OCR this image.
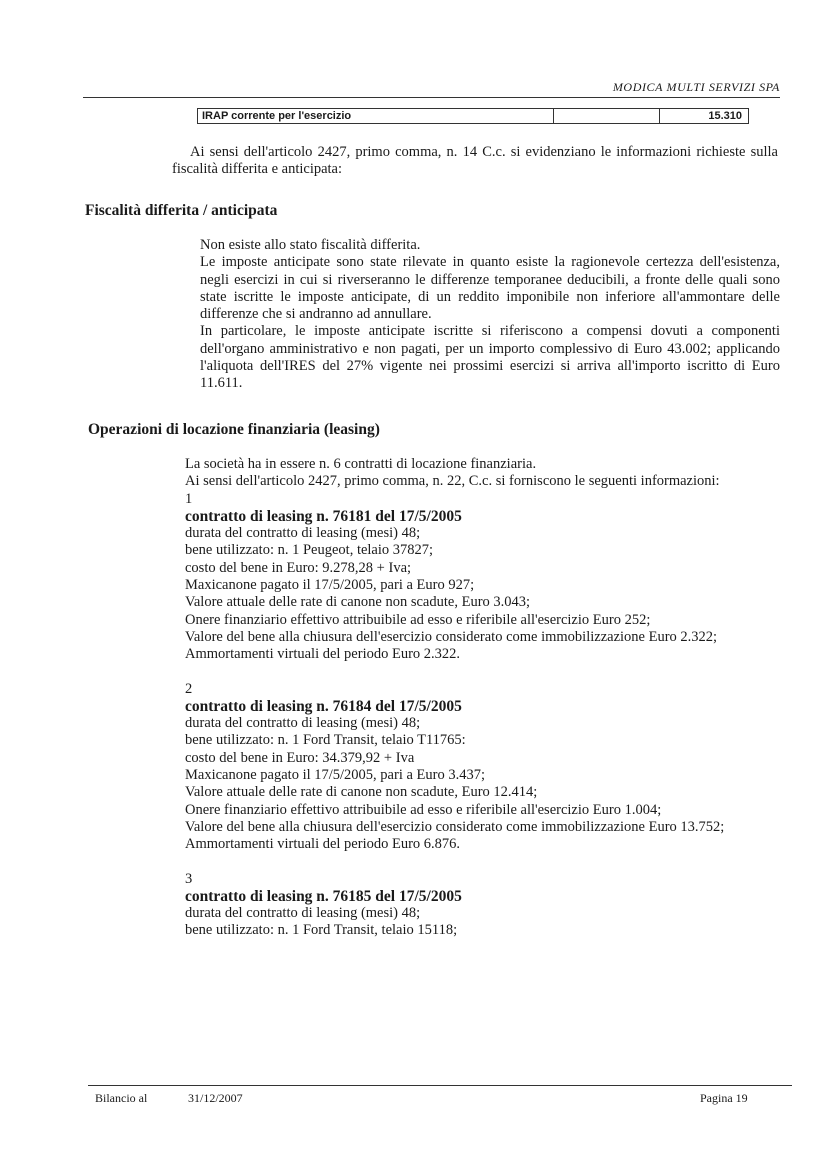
MODICA MULTI SERVIZI SPA
IRAP corrente per l'esercizio	15.310

Ai sensi dell'articolo 2427, primo comma, n. 14 C.c. si evidenziano le informazioni richieste sulla fiscalità differita e anticipata:

Fiscalità differita / anticipata

Non esiste allo stato fiscalità differita.

Le imposte anticipate sono state rilevate in quanto esiste la ragionevole certezza dell'esistenza, negli esercizi in cui si riverseranno le differenze temporanee deducibili, a fronte delle quali sono state iscritte le imposte anticipate, di un reddito imponibile non inferiore all'ammontare delle differenze che si andranno ad annullare.

In particolare, le imposte anticipate iscritte si riferiscono a compensi dovuti a componenti dell'organo amministrativo e non pagati, per un importo complessivo di Euro 43.002; applicando l'aliquota dell'IRES del 27% vigente nei prossimi esercizi si arriva all'importo iscritto di Euro 11.611.

Operazioni di locazione finanziaria (leasing)
La società ha in essere n. 6 contratti di locazione finanziaria.
Ai sensi dell'articolo 2427, primo comma, n. 22, C.c. si forniscono le seguenti informazioni:
1
contratto di leasing n. 76181 del 17/5/2005
durata del contratto di leasing (mesi) 48;
bene utilizzato: n. 1 Peugeot, telaio 37827;
costo del bene in Euro: 9.278,28 + Iva;
Maxicanone pagato il 17/5/2005, pari a Euro 927;
Valore attuale delle rate di canone non scadute, Euro 3.043;
Onere finanziario effettivo attribuibile ad esso e riferibile all'esercizio Euro 252;
Valore del bene alla chiusura dell'esercizio considerato come immobilizzazione Euro 2.322;
Ammortamenti virtuali del periodo Euro 2.322.
2
contratto di leasing n. 76184 del 17/5/2005
durata del contratto di leasing (mesi) 48;
bene utilizzato: n. 1 Ford Transit, telaio T11765:
costo del bene in Euro: 34.379,92 + Iva
Maxicanone pagato il 17/5/2005, pari a Euro 3.437;
Valore attuale delle rate di canone non scadute, Euro 12.414;
Onere finanziario effettivo attribuibile ad esso e riferibile all'esercizio Euro 1.004;
Valore del bene alla chiusura dell'esercizio considerato come immobilizzazione Euro 13.752;
Ammortamenti virtuali del periodo Euro 6.876.
3
contratto di leasing n. 76185 del 17/5/2005
durata del contratto di leasing (mesi) 48;
bene utilizzato: n. 1 Ford Transit, telaio 15118;
Bilancio al	31/12/2007	Pagina 19
